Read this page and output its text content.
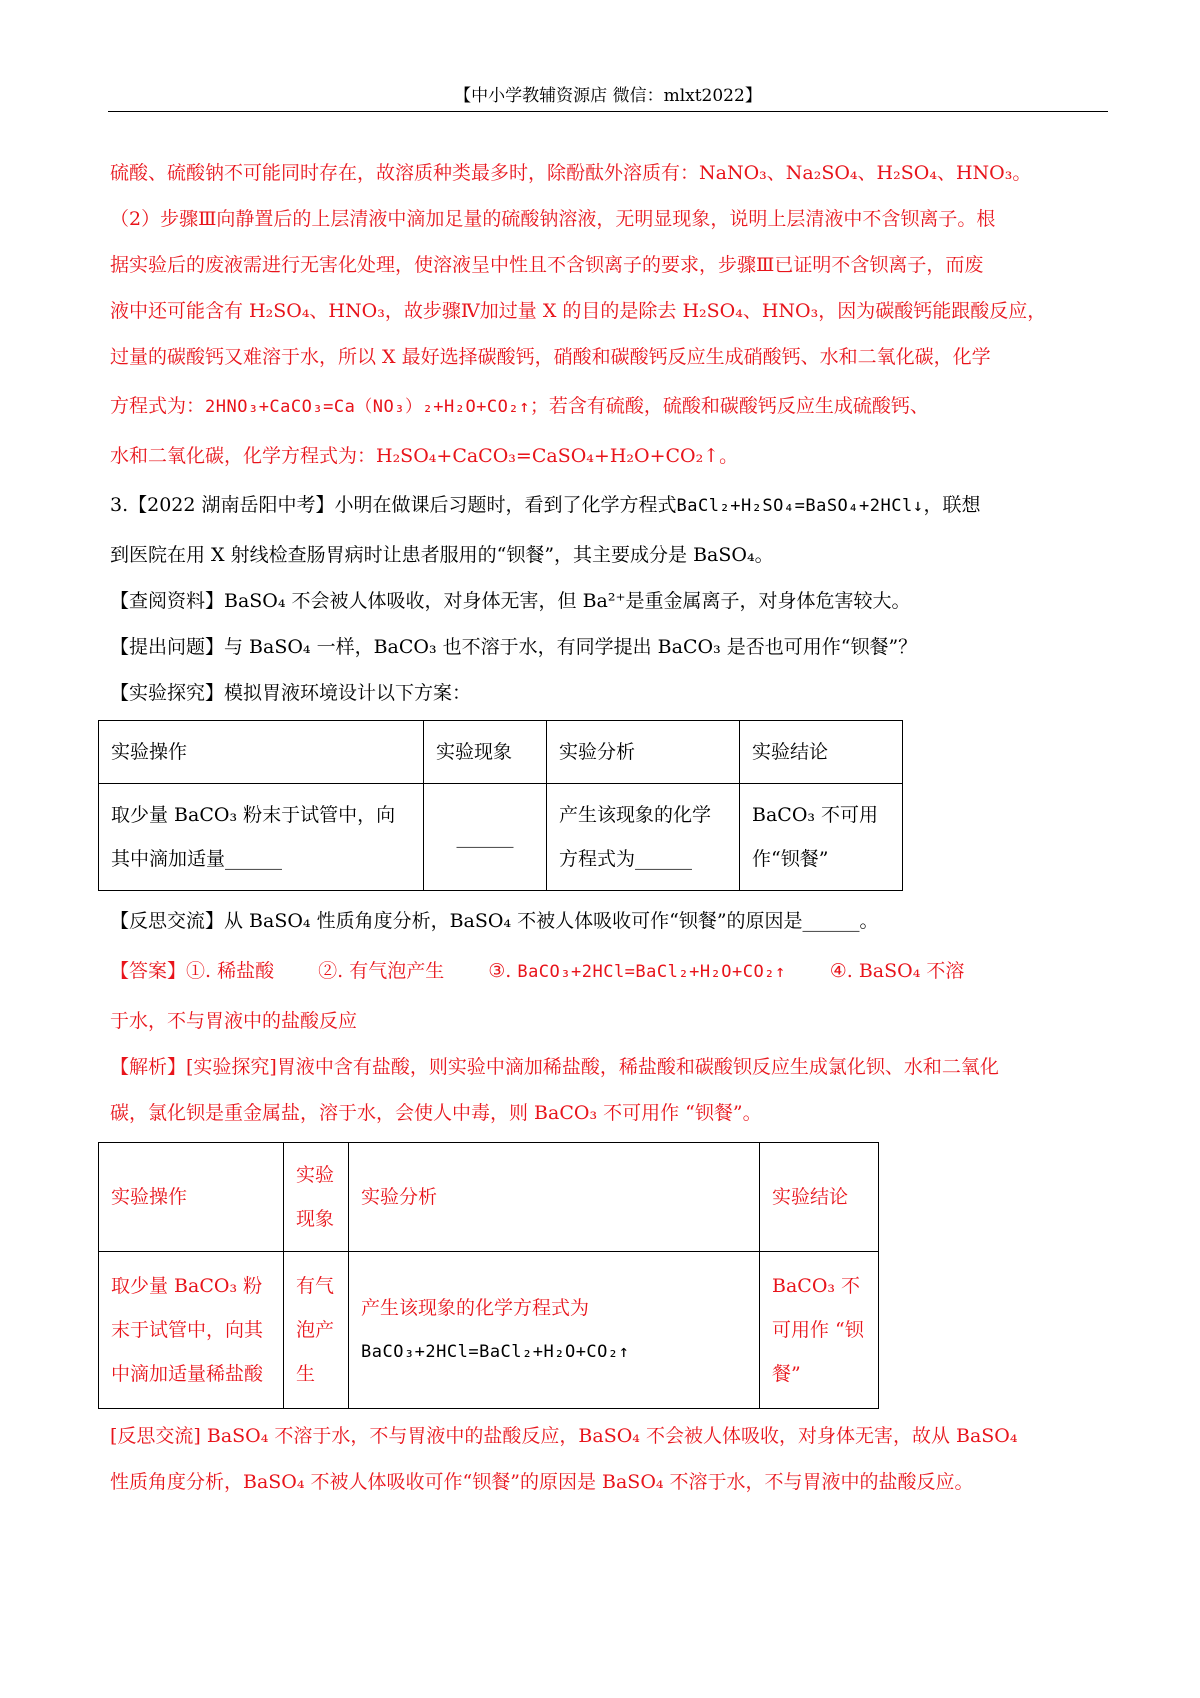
【中小学教辅资源店 微信：mlxt2022】

硫酸、硫酸钠不可能同时存在，故溶质种类最多时，除酚酞外溶质有：NaNO₃、Na₂SO₄、H₂SO₄、HNO₃。

（2）步骤Ⅲ向静置后的上层清液中滴加足量的硫酸钠溶液，无明显现象，说明上层清液中不含钡离子。根

据实验后的废液需进行无害化处理，使溶液呈中性且不含钡离子的要求，步骤Ⅲ已证明不含钡离子，而废

液中还可能含有 H₂SO₄、HNO₃，故步骤Ⅳ加过量 X 的目的是除去 H₂SO₄、HNO₃，因为碳酸钙能跟酸反应，

过量的碳酸钙又难溶于水，所以 X 最好选择碳酸钙，硝酸和碳酸钙反应生成硝酸钙、水和二氧化碳，化学

方程式为：2HNO₃+CaCO₃=Ca（NO₃）₂+H₂O+CO₂↑；若含有硫酸，硫酸和碳酸钙反应生成硫酸钙、

水和二氧化碳，化学方程式为：H₂SO₄+CaCO₃=CaSO₄+H₂O+CO₂↑。

3.【2022 湖南岳阳中考】小明在做课后习题时，看到了化学方程式BaCl₂+H₂SO₄=BaSO₄+2HCl↓，联想

到医院在用 X 射线检查肠胃病时让患者服用的“钡餐”，其主要成分是 BaSO₄。

【查阅资料】BaSO₄ 不会被人体吸收，对身体无害，但 Ba²⁺是重金属离子，对身体危害较大。

【提出问题】与 BaSO₄ 一样，BaCO₃ 也不溶于水，有同学提出 BaCO₃ 是否也可用作“钡餐”？

【实验探究】模拟胃液环境设计以下方案：

实验操作	实验现象	实验分析	实验结论
取少量 BaCO₃ 粉末于试管中，向其中滴加适量______	______	产生该现象的化学方程式为______	BaCO₃ 不可用作“钡餐”

【反思交流】从 BaSO₄ 性质角度分析，BaSO₄ 不被人体吸收可作“钡餐”的原因是______。

【答案】①. 稀盐酸 ②. 有气泡产生 ③. BaCO₃+2HCl=BaCl₂+H₂O+CO₂↑ ④. BaSO₄ 不溶

于水，不与胃液中的盐酸反应

【解析】[实验探究]胃液中含有盐酸，则实验中滴加稀盐酸，稀盐酸和碳酸钡反应生成氯化钡、水和二氧化

碳，氯化钡是重金属盐，溶于水，会使人中毒，则 BaCO₃ 不可用作 “钡餐”。

实验操作	实验现象	实验分析	实验结论
取少量 BaCO₃ 粉末于试管中，向其中滴加适量稀盐酸	有气泡产生	产生该现象的化学方程式为
BaCO₃+2HCl=BaCl₂+H₂O+CO₂↑	BaCO₃ 不可用作 “钡餐”

[反思交流] BaSO₄ 不溶于水，不与胃液中的盐酸反应，BaSO₄ 不会被人体吸收，对身体无害，故从 BaSO₄

性质角度分析，BaSO₄ 不被人体吸收可作“钡餐”的原因是 BaSO₄ 不溶于水，不与胃液中的盐酸反应。
